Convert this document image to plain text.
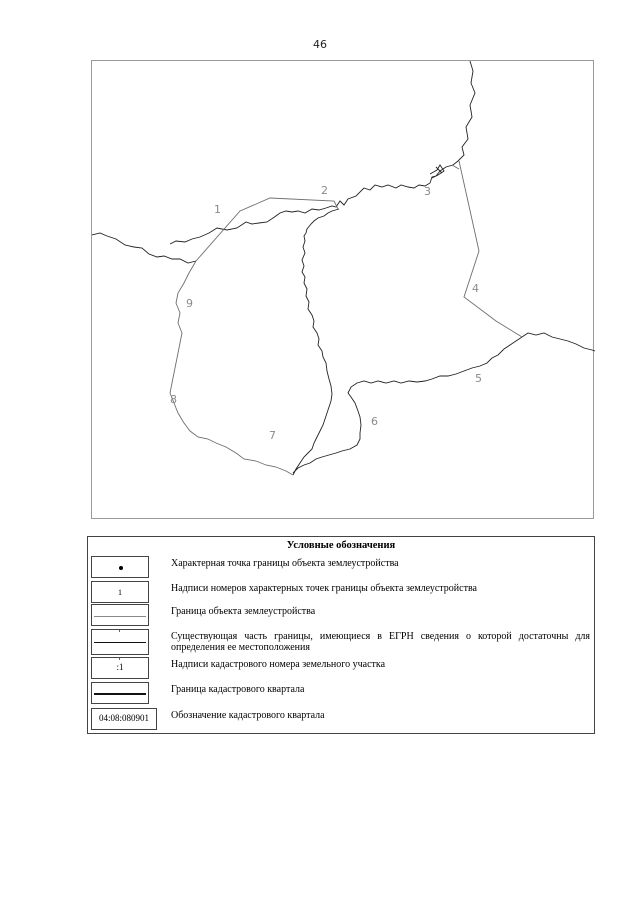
46
1
2	3
4
5
6
7
8
9
Условные обозначения
Характерная точка границы объекта землеустройства
1	Надписи номеров характерных точек границы объекта землеустройства
Граница объекта землеустройства
Существующая часть границы, имеющиеся в ЕГРН сведения о которой достаточны для определения ее местоположения
:1	Надписи кадастрового номера земельного участка
Граница кадастрового квартала
04:08:080901	Обозначение кадастрового квартала
